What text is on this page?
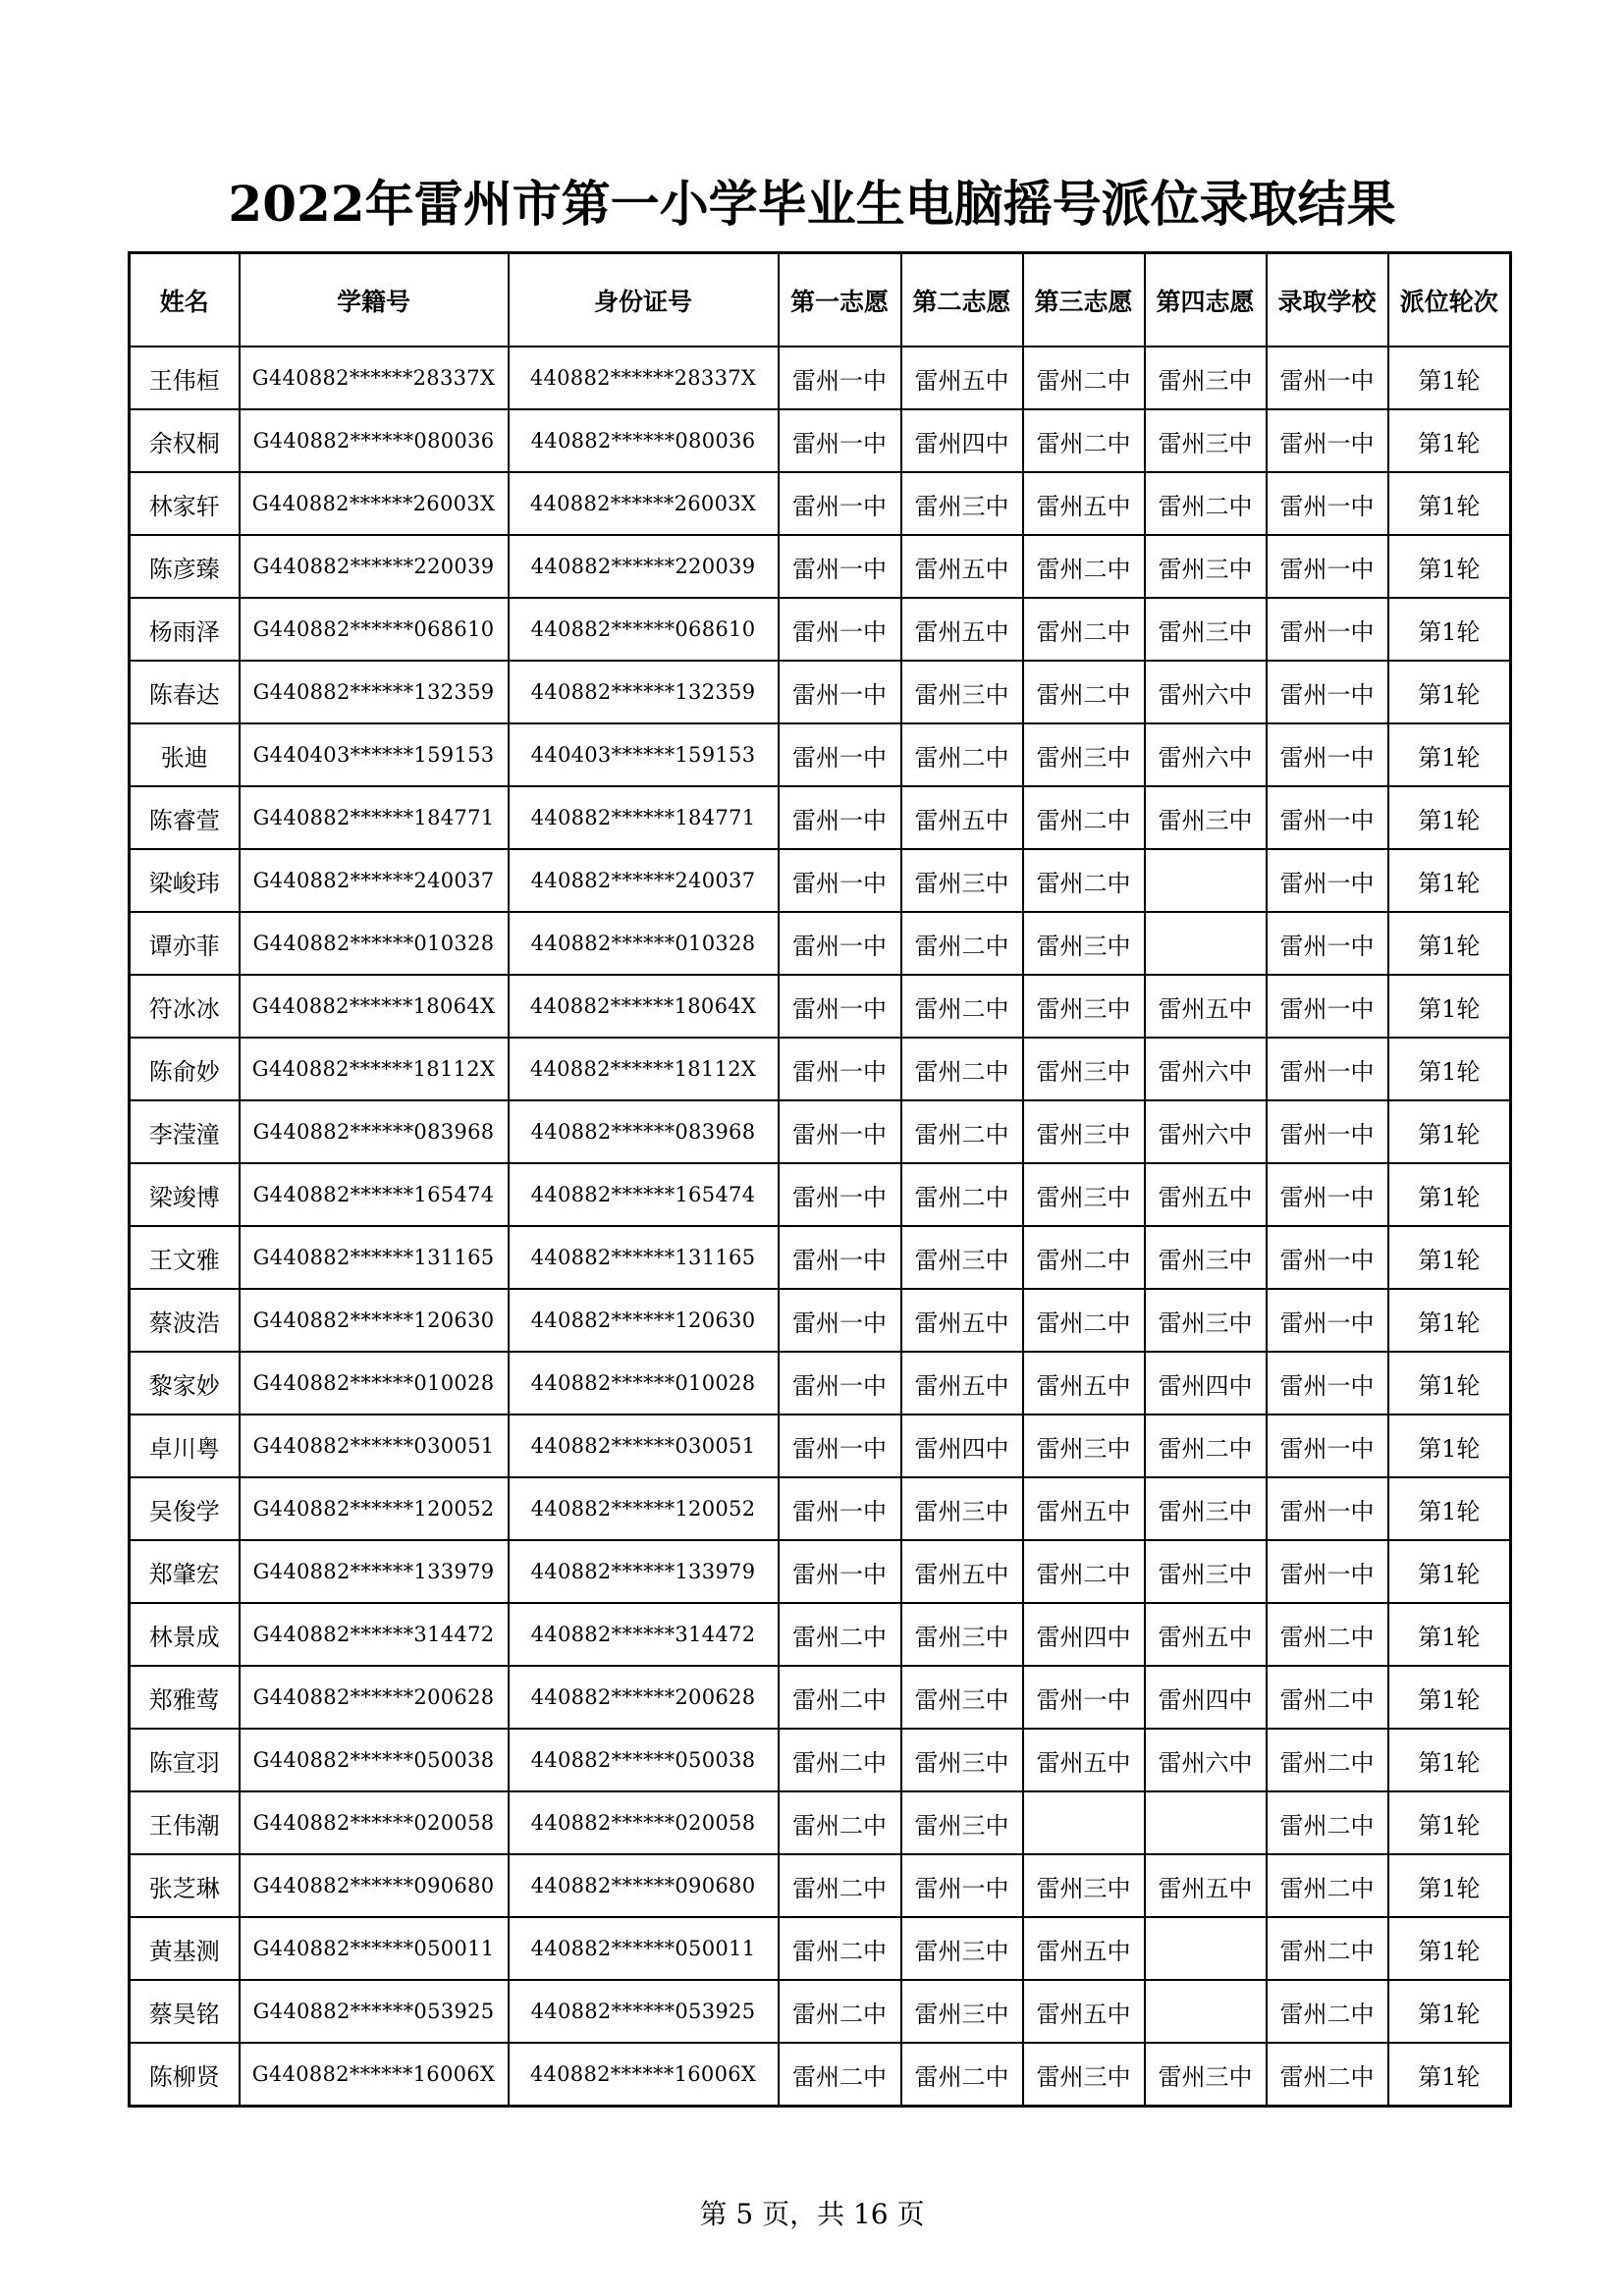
2022年雷州市第一小学毕业生电脑摇号派位录取结果
姓名	学籍号	身份证号	第一志愿	第二志愿	第三志愿	第四志愿	录取学校	派位轮次
王伟桓	G440882******28337X	440882******28337X	雷州一中	雷州五中	雷州二中	雷州三中	雷州一中	第1轮
余权桐	G440882******080036	440882******080036	雷州一中	雷州四中	雷州二中	雷州三中	雷州一中	第1轮
林家轩	G440882******26003X	440882******26003X	雷州一中	雷州三中	雷州五中	雷州二中	雷州一中	第1轮
陈彦臻	G440882******220039	440882******220039	雷州一中	雷州五中	雷州二中	雷州三中	雷州一中	第1轮
杨雨泽	G440882******068610	440882******068610	雷州一中	雷州五中	雷州二中	雷州三中	雷州一中	第1轮
陈春达	G440882******132359	440882******132359	雷州一中	雷州三中	雷州二中	雷州六中	雷州一中	第1轮
张迪	G440403******159153	440403******159153	雷州一中	雷州二中	雷州三中	雷州六中	雷州一中	第1轮
陈睿萱	G440882******184771	440882******184771	雷州一中	雷州五中	雷州二中	雷州三中	雷州一中	第1轮
梁峻玮	G440882******240037	440882******240037	雷州一中	雷州三中	雷州二中		雷州一中	第1轮
谭亦菲	G440882******010328	440882******010328	雷州一中	雷州二中	雷州三中		雷州一中	第1轮
符冰冰	G440882******18064X	440882******18064X	雷州一中	雷州二中	雷州三中	雷州五中	雷州一中	第1轮
陈俞妙	G440882******18112X	440882******18112X	雷州一中	雷州二中	雷州三中	雷州六中	雷州一中	第1轮
李滢潼	G440882******083968	440882******083968	雷州一中	雷州二中	雷州三中	雷州六中	雷州一中	第1轮
梁竣博	G440882******165474	440882******165474	雷州一中	雷州二中	雷州三中	雷州五中	雷州一中	第1轮
王文雅	G440882******131165	440882******131165	雷州一中	雷州三中	雷州二中	雷州三中	雷州一中	第1轮
蔡波浩	G440882******120630	440882******120630	雷州一中	雷州五中	雷州二中	雷州三中	雷州一中	第1轮
黎家妙	G440882******010028	440882******010028	雷州一中	雷州五中	雷州五中	雷州四中	雷州一中	第1轮
卓川粤	G440882******030051	440882******030051	雷州一中	雷州四中	雷州三中	雷州二中	雷州一中	第1轮
吴俊学	G440882******120052	440882******120052	雷州一中	雷州三中	雷州五中	雷州三中	雷州一中	第1轮
郑肇宏	G440882******133979	440882******133979	雷州一中	雷州五中	雷州二中	雷州三中	雷州一中	第1轮
林景成	G440882******314472	440882******314472	雷州二中	雷州三中	雷州四中	雷州五中	雷州二中	第1轮
郑雅莺	G440882******200628	440882******200628	雷州二中	雷州三中	雷州一中	雷州四中	雷州二中	第1轮
陈宣羽	G440882******050038	440882******050038	雷州二中	雷州三中	雷州五中	雷州六中	雷州二中	第1轮
王伟潮	G440882******020058	440882******020058	雷州二中	雷州三中			雷州二中	第1轮
张芝琳	G440882******090680	440882******090680	雷州二中	雷州一中	雷州三中	雷州五中	雷州二中	第1轮
黄基测	G440882******050011	440882******050011	雷州二中	雷州三中	雷州五中		雷州二中	第1轮
蔡昊铭	G440882******053925	440882******053925	雷州二中	雷州三中	雷州五中		雷州二中	第1轮
陈柳贤	G440882******16006X	440882******16006X	雷州二中	雷州二中	雷州三中	雷州三中	雷州二中	第1轮
第 5 页，共 16 页
